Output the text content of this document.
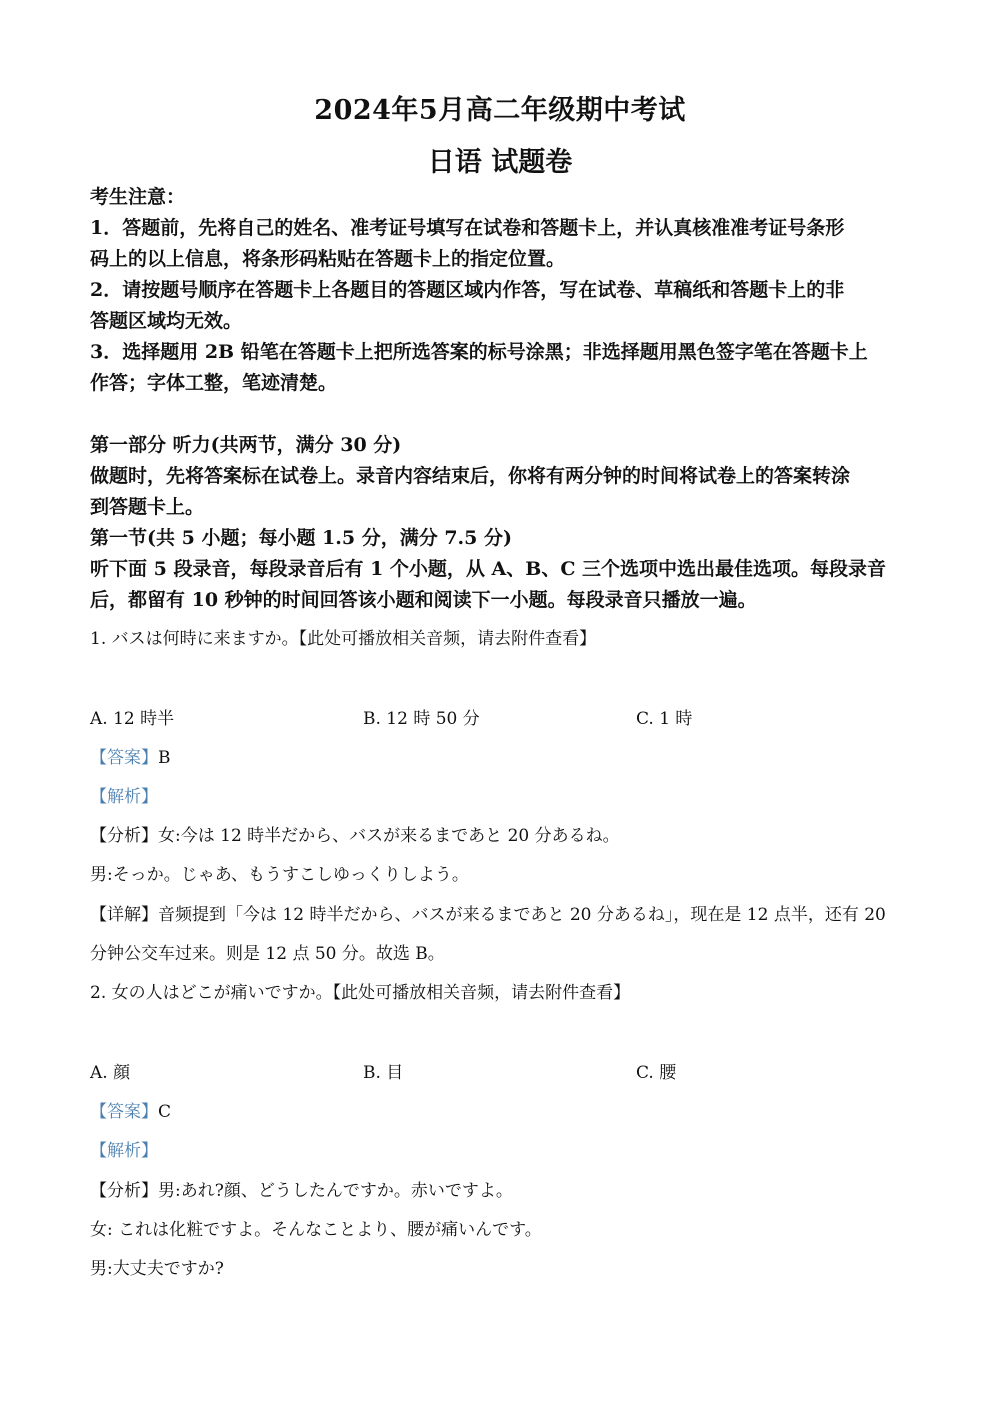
2024年5月高二年级期中考试
日语 试题卷

考生注意：

1．答题前，先将自己的姓名、准考证号填写在试卷和答题卡上，并认真核准准考证号条形

码上的以上信息，将条形码粘贴在答题卡上的指定位置。

2．请按题号顺序在答题卡上各题目的答题区域内作答，写在试卷、草稿纸和答题卡上的非

答题区域均无效。

3．选择题用 2B 铅笔在答题卡上把所选答案的标号涂黑；非选择题用黑色签字笔在答题卡上

作答；字体工整，笔迹清楚。

第一部分 听力(共两节，满分 30 分)

做题时，先将答案标在试卷上。录音内容结束后，你将有两分钟的时间将试卷上的答案转涂

到答题卡上。

第一节(共 5 小题；每小题 1.5 分，满分 7.5 分)

听下面 5 段录音，每段录音后有 1 个小题，从 A、B、C 三个选项中选出最佳选项。每段录音

后，都留有 10 秒钟的时间回答该小题和阅读下一小题。每段录音只播放一遍。

1. バスは何時に来ますか。【此处可播放相关音频，请去附件查看】
A. 12 時半	B. 12 時 50 分	C. 1 時
【答案】B
【解析】
【分析】女:今は 12 時半だから、バスが来るまであと 20 分あるね。
男:そっか。じゃあ、もうすこしゆっくりしよう。
【详解】音频提到「今は 12 時半だから、バスが来るまであと 20 分あるね」，现在是 12 点半，还有 20
分钟公交车过来。则是 12 点 50 分。故选 B。
2. 女の人はどこが痛いですか。【此处可播放相关音频，请去附件查看】
A. 顔	B. 目	C. 腰
【答案】C
【解析】
【分析】男:あれ?顔、どうしたんですか。赤いですよ。
女: これは化粧ですよ。そんなことより、腰が痛いんです。
男:大丈夫ですか?
